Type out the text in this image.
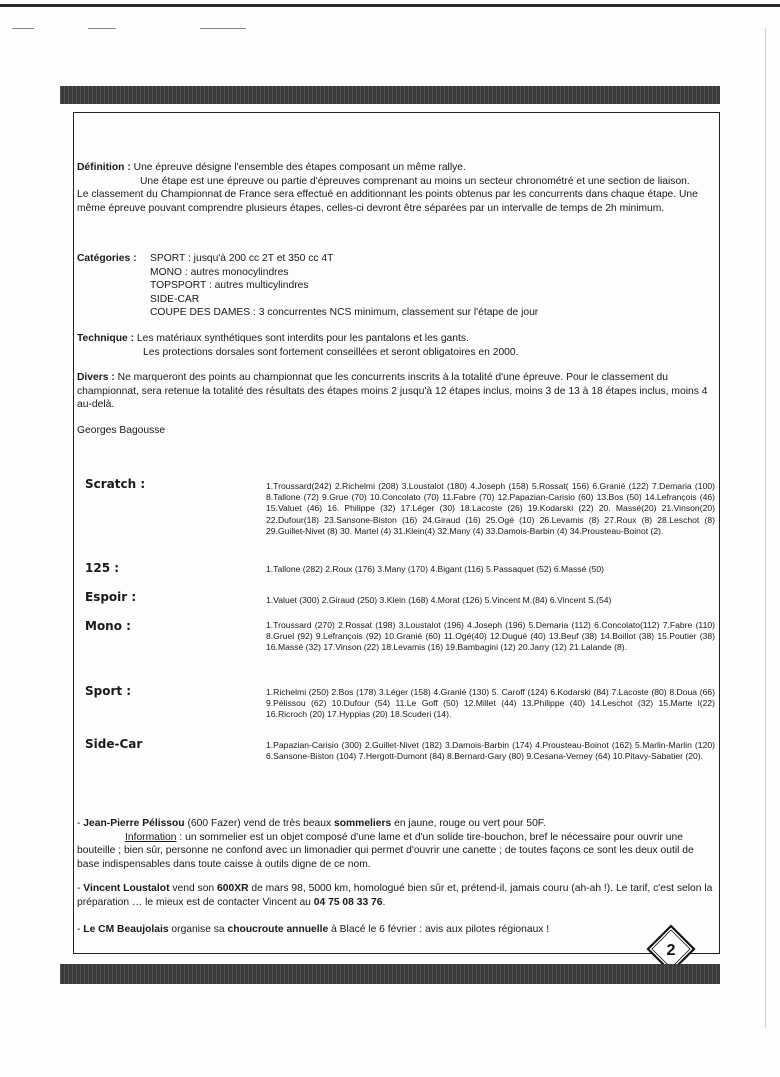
Définition : Une épreuve désigne l'ensemble des étapes composant un même rallye.
Une étape est une épreuve ou partie d'épreuves comprenant au moins un secteur chronométré et une section de liaison.
Le classement du Championnat de France sera effectué en additionnant les points obtenus par les concurrents dans chaque étape. Une même épreuve pouvant comprendre plusieurs étapes, celles-ci devront être séparées par un intervalle de temps de 2h minimum.
Catégories : SPORT : jusqu'à 200 cc 2T et 350 cc 4T
MONO : autres monocylindres
TOPSPORT : autres multicylindres
SIDE-CAR
COUPE DES DAMES : 3 concurrentes NCS minimum, classement sur l'étape de jour
Technique : Les matériaux synthétiques sont interdits pour les pantalons et les gants.
Les protections dorsales sont fortement conseillées et seront obligatoires en 2000.
Divers : Ne marqueront des points au championnat que les concurrents inscrits à la totalité d'une épreuve. Pour le classement du championnat, sera retenue la totalité des résultats des étapes moins 2 jusqu'à 12 étapes inclus, moins 3 de 13 à 18 étapes inclus, moins 4 au-delà.
Georges Bagousse
Scratch :	1.Troussard(242) 2.Richelmi (208) 3.Loustalot (180) 4.Joseph (158) 5.Rossat( 156) 6.Granié (122) 7.Demaria (100) 8.Tallone (72) 9.Grue (70) 10.Concolato (70) 11.Fabre (70) 12.Papazian-Carisio (60) 13.Bos (50) 14.Lefrançois (46) 15.Valuet (46) 16. Philippe (32) 17.Léger (30) 18.Lacoste (26) 19.Kodarski (22) 20. Massé(20) 21.Vinson(20) 22.Dufour(18) 23.Sansone-Biston (16) 24.Giraud (16) 25.Ogé (10) 26.Levamis (8) 27.Roux (8) 28.Leschot (8) 29.Guillet-Nivet (8) 30. Martel (4) 31.Klein(4) 32.Many (4) 33.Damois-Barbin (4) 34.Prousteau-Boinot (2).
125 :	1.Tallone (282) 2.Roux (176) 3.Many (170) 4.Bigant (116) 5.Passaquet (52) 6.Massé (50)
Espoir :	1.Valuet (300) 2.Giraud (250) 3.Klein (168) 4.Morat (126) 5.Vincent M.(84) 6.Vincent S.(54)
Mono :	1.Troussard (270) 2.Rossat (198) 3.Loustalot (196) 4.Joseph (196) 5.Demaria (112) 6.Concolato(112) 7.Fabre (110) 8.Gruel (92) 9.Lefrançois (92) 10.Granié (60) 11.Ogé(40) 12.Dugué (40) 13.Beuf (38) 14.Boillot (38) 15.Poutier (38) 16.Massé (32) 17.Vinson (22) 18.Levamis (16) 19.Bambagini (12) 20.Jarry (12) 21.Lalande (8).
Sport :	1.Richelmi (250) 2.Bos (178) 3.Léger (158) 4.Granié (130) 5. Caroff (124) 6.Kodarski (84) 7.Lacoste (80) 8.Doua (66) 9.Pélissou (62) 10.Dufour (54) 11.Le Goff (50) 12.Millet (44) 13.Philippe (40) 14.Leschot (32) 15.Marte l(22) 16.Ricroch (20) 17.Hyppias (20) 18.Scuderi (14).
Side-Car	1.Papazian-Carisio (300) 2.Guillet-Nivet (182) 3.Damois-Barbin (174) 4.Prousteau-Boinot (162) 5.Marlin-Marlin (120) 6.Sansone-Biston (104) 7.Hergott-Dumont (84) 8.Bernard-Gary (80) 9.Cesana-Verney (64) 10.Pitavy-Sabatier (20).
- Jean-Pierre Pélissou (600 Fazer) vend de très beaux sommeliers en jaune, rouge ou vert pour 50F.
Information : un sommelier est un objet composé d'une lame et d'un solide tire-bouchon, bref le nécessaire pour ouvrir une bouteille ; bien sûr, personne ne confond avec un limonadier qui permet d'ouvrir une canette ; de toutes façons ce sont les deux outil de base indispensables dans toute caisse à outils digne de ce nom.
- Vincent Loustalot vend son 600XR de mars 98, 5000 km, homologué bien sûr et, prétend-il, jamais couru (ah-ah !). Le tarif, c'est selon la préparation … le mieux est de contacter Vincent au 04 75 08 33 76.
- Le CM Beaujolais organise sa choucroute annuelle à Blacé le 6 février : avis aux pilotes régionaux !
2
